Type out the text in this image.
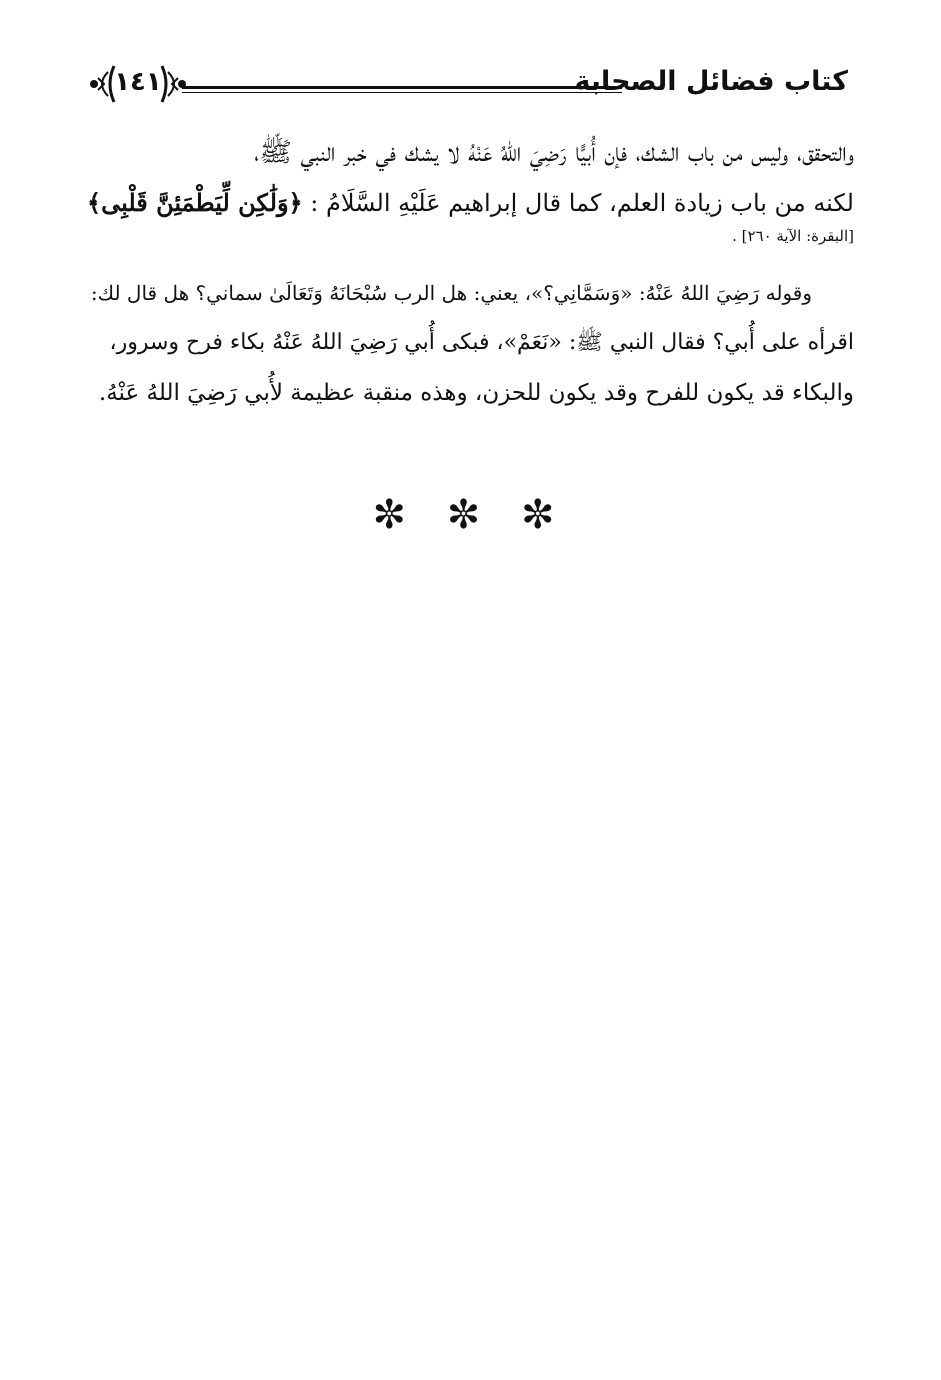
١٤١	كتاب فضائل الصحابة
والتحقق، وليس من باب الشك، فإن أُبيًّا رَضِيَ اللهُ عَنْهُ لا يشك في خبر النبي ﷺ،
لكنه من باب زيادة العلم، كما قال إبراهيم عَلَيْهِ السَّلَامُ : ﴿وَلَٰكِن لِّيَطْمَئِنَّ قَلْبِى﴾
[البقرة: الآية ٢٦٠] .
وقوله رَضِيَ اللهُ عَنْهُ: «وَسَمَّانِي؟»، يعني: هل الرب سُبْحَانَهُ وَتَعَالَىٰ سماني؟ هل قال لك:
اقرأه على أُبي؟ فقال النبي ﷺ: «نَعَمْ»، فبكى أُبي رَضِيَ اللهُ عَنْهُ بكاء فرح وسرور،
والبكاء قد يكون للفرح وقد يكون للحزن، وهذه منقبة عظيمة لأُبي رَضِيَ اللهُ عَنْهُ.
✼ ✼ ✼
